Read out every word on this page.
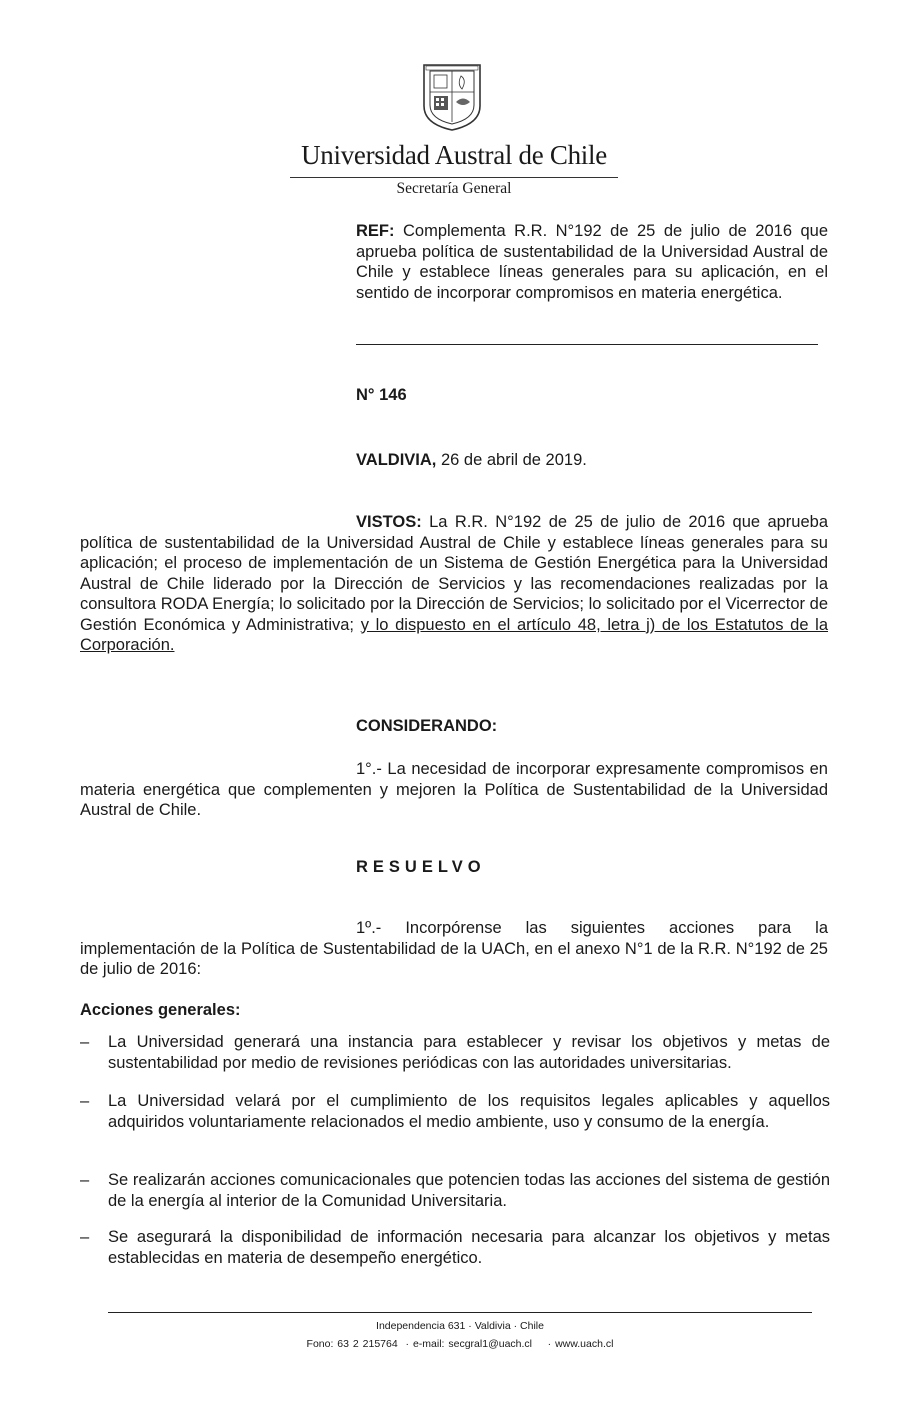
Universidad Austral de Chile
Secretaría General
REF: Complementa R.R. N°192 de 25 de julio de 2016 que aprueba política de sustentabilidad de la Universidad Austral de Chile y establece líneas generales para su aplicación, en el sentido de incorporar compromisos en materia energética.
N° 146
VALDIVIA, 26 de abril de 2019.
VISTOS: La R.R. N°192 de 25 de julio de 2016 que aprueba política de sustentabilidad de la Universidad Austral de Chile y establece líneas generales para su aplicación; el proceso de implementación de un Sistema de Gestión Energética para la Universidad Austral de Chile liderado por la Dirección de Servicios y las recomendaciones realizadas por la consultora RODA Energía; lo solicitado por la Dirección de Servicios; lo solicitado por el Vicerrector de Gestión Económica y Administrativa; y lo dispuesto en el artículo 48, letra j) de los Estatutos de la Corporación.
CONSIDERANDO:
1°.- La necesidad de incorporar expresamente compromisos en materia energética que complementen y mejoren la Política de Sustentabilidad de la Universidad Austral de Chile.
RESUELVO
1º.- Incorpórense las siguientes acciones para la implementación de la Política de Sustentabilidad de la UACh, en el anexo N°1 de la R.R. N°192 de 25 de julio de 2016:
Acciones generales:
–	La Universidad generará una instancia para establecer y revisar los objetivos y metas de sustentabilidad por medio de revisiones periódicas con las autoridades universitarias.
–	La Universidad velará por el cumplimiento de los requisitos legales aplicables y aquellos adquiridos voluntariamente relacionados el medio ambiente, uso y consumo de la energía.
–	Se realizarán acciones comunicacionales que potencien todas las acciones del sistema de gestión de la energía al interior de la Comunidad Universitaria.
–	Se asegurará la disponibilidad de información necesaria para alcanzar los objetivos y metas establecidas en materia de desempeño energético.
Independencia 631 · Valdivia · Chile
Fono: 63 2 215764 · e-mail: secgral1@uach.cl · www.uach.cl
